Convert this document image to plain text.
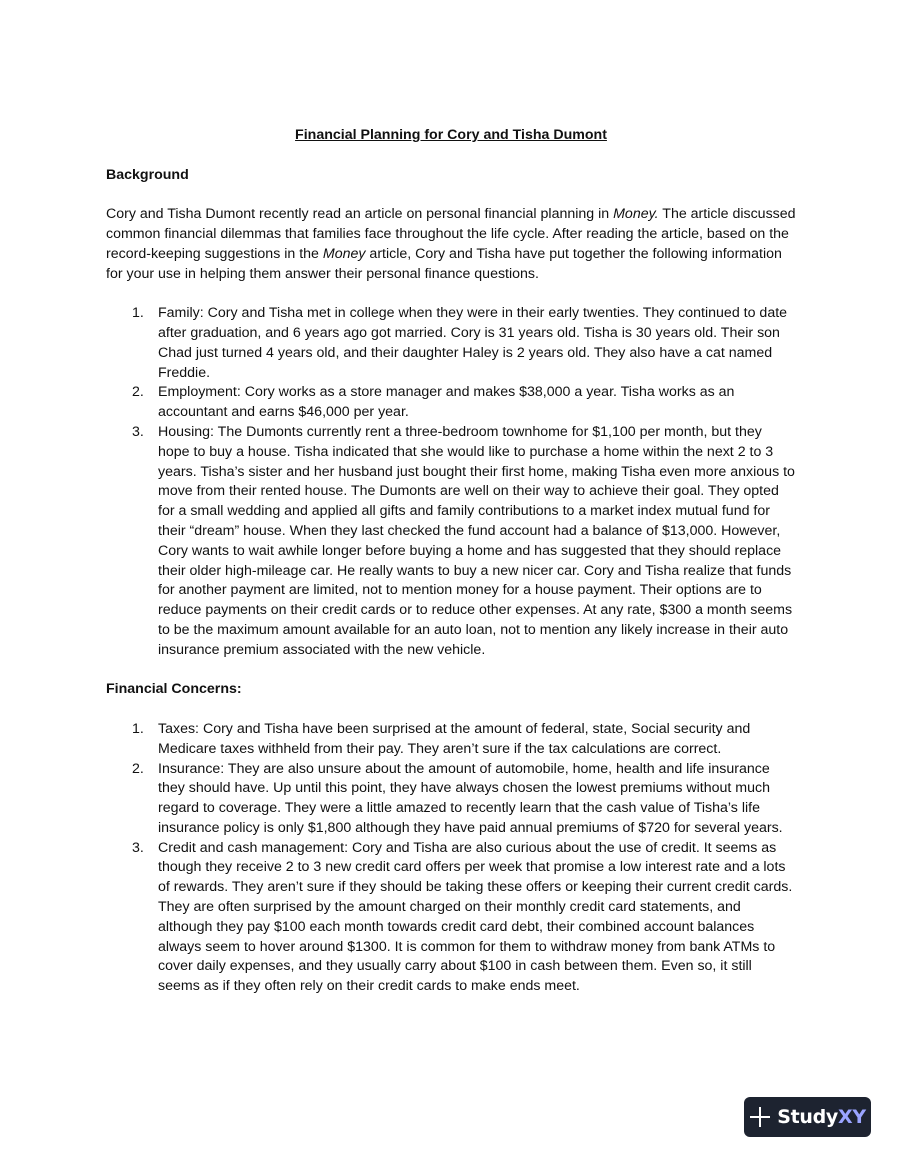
Financial Planning for Cory and Tisha Dumont
Background
Cory and Tisha Dumont recently read an article on personal financial planning in Money. The article discussed common financial dilemmas that families face throughout the life cycle. After reading the article, based on the record-keeping suggestions in the Money article, Cory and Tisha have put together the following information for your use in helping them answer their personal finance questions.
1. Family: Cory and Tisha met in college when they were in their early twenties. They continued to date after graduation, and 6 years ago got married. Cory is 31 years old. Tisha is 30 years old. Their son Chad just turned 4 years old, and their daughter Haley is 2 years old. They also have a cat named Freddie.
2. Employment: Cory works as a store manager and makes $38,000 a year. Tisha works as an accountant and earns $46,000 per year.
3. Housing: The Dumonts currently rent a three-bedroom townhome for $1,100 per month, but they hope to buy a house. Tisha indicated that she would like to purchase a home within the next 2 to 3 years. Tisha’s sister and her husband just bought their first home, making Tisha even more anxious to move from their rented house. The Dumonts are well on their way to achieve their goal. They opted for a small wedding and applied all gifts and family contributions to a market index mutual fund for their “dream” house. When they last checked the fund account had a balance of $13,000. However, Cory wants to wait awhile longer before buying a home and has suggested that they should replace their older high-mileage car. He really wants to buy a new nicer car. Cory and Tisha realize that funds for another payment are limited, not to mention money for a house payment. Their options are to reduce payments on their credit cards or to reduce other expenses. At any rate, $300 a month seems to be the maximum amount available for an auto loan, not to mention any likely increase in their auto insurance premium associated with the new vehicle.
Financial Concerns:
1. Taxes: Cory and Tisha have been surprised at the amount of federal, state, Social security and Medicare taxes withheld from their pay. They aren’t sure if the tax calculations are correct.
2. Insurance: They are also unsure about the amount of automobile, home, health and life insurance they should have. Up until this point, they have always chosen the lowest premiums without much regard to coverage. They were a little amazed to recently learn that the cash value of Tisha’s life insurance policy is only $1,800 although they have paid annual premiums of $720 for several years.
3. Credit and cash management: Cory and Tisha are also curious about the use of credit. It seems as though they receive 2 to 3 new credit card offers per week that promise a low interest rate and a lots of rewards. They aren’t sure if they should be taking these offers or keeping their current credit cards. They are often surprised by the amount charged on their monthly credit card statements, and although they pay $100 each month towards credit card debt, their combined account balances always seem to hover around $1300. It is common for them to withdraw money from bank ATMs to cover daily expenses, and they usually carry about $100 in cash between them. Even so, it still seems as if they often rely on their credit cards to make ends meet.
StudyXY
